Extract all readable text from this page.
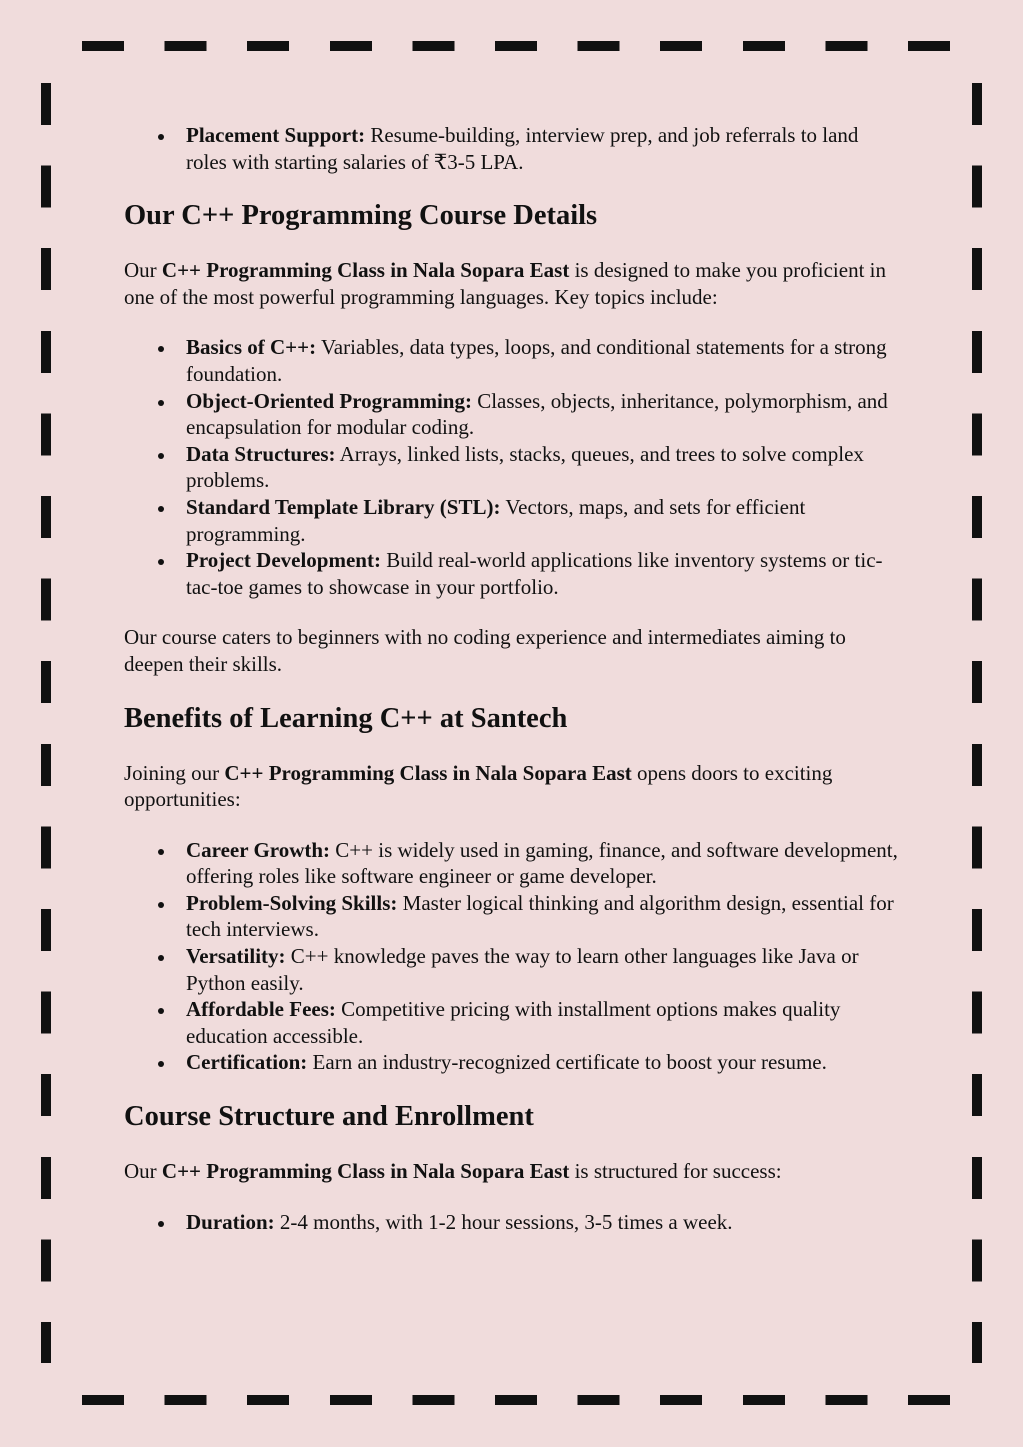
Placement Support: Resume-building, interview prep, and job referrals to land roles with starting salaries of ₹3-5 LPA.
Our C++ Programming Course Details

Our C++ Programming Class in Nala Sopara East is designed to make you proficient in one of the most powerful programming languages. Key topics include:

Basics of C++: Variables, data types, loops, and conditional statements for a strong foundation.
Object-Oriented Programming: Classes, objects, inheritance, polymorphism, and encapsulation for modular coding.
Data Structures: Arrays, linked lists, stacks, queues, and trees to solve complex problems.
Standard Template Library (STL): Vectors, maps, and sets for efficient programming.
Project Development: Build real-world applications like inventory systems or tic-tac-toe games to showcase in your portfolio.

Our course caters to beginners with no coding experience and intermediates aiming to deepen their skills.

Benefits of Learning C++ at Santech

Joining our C++ Programming Class in Nala Sopara East opens doors to exciting opportunities:

Career Growth: C++ is widely used in gaming, finance, and software development, offering roles like software engineer or game developer.
Problem-Solving Skills: Master logical thinking and algorithm design, essential for tech interviews.
Versatility: C++ knowledge paves the way to learn other languages like Java or Python easily.
Affordable Fees: Competitive pricing with installment options makes quality education accessible.
Certification: Earn an industry-recognized certificate to boost your resume.
Course Structure and Enrollment

Our C++ Programming Class in Nala Sopara East is structured for success:

Duration: 2-4 months, with 1-2 hour sessions, 3-5 times a week.
